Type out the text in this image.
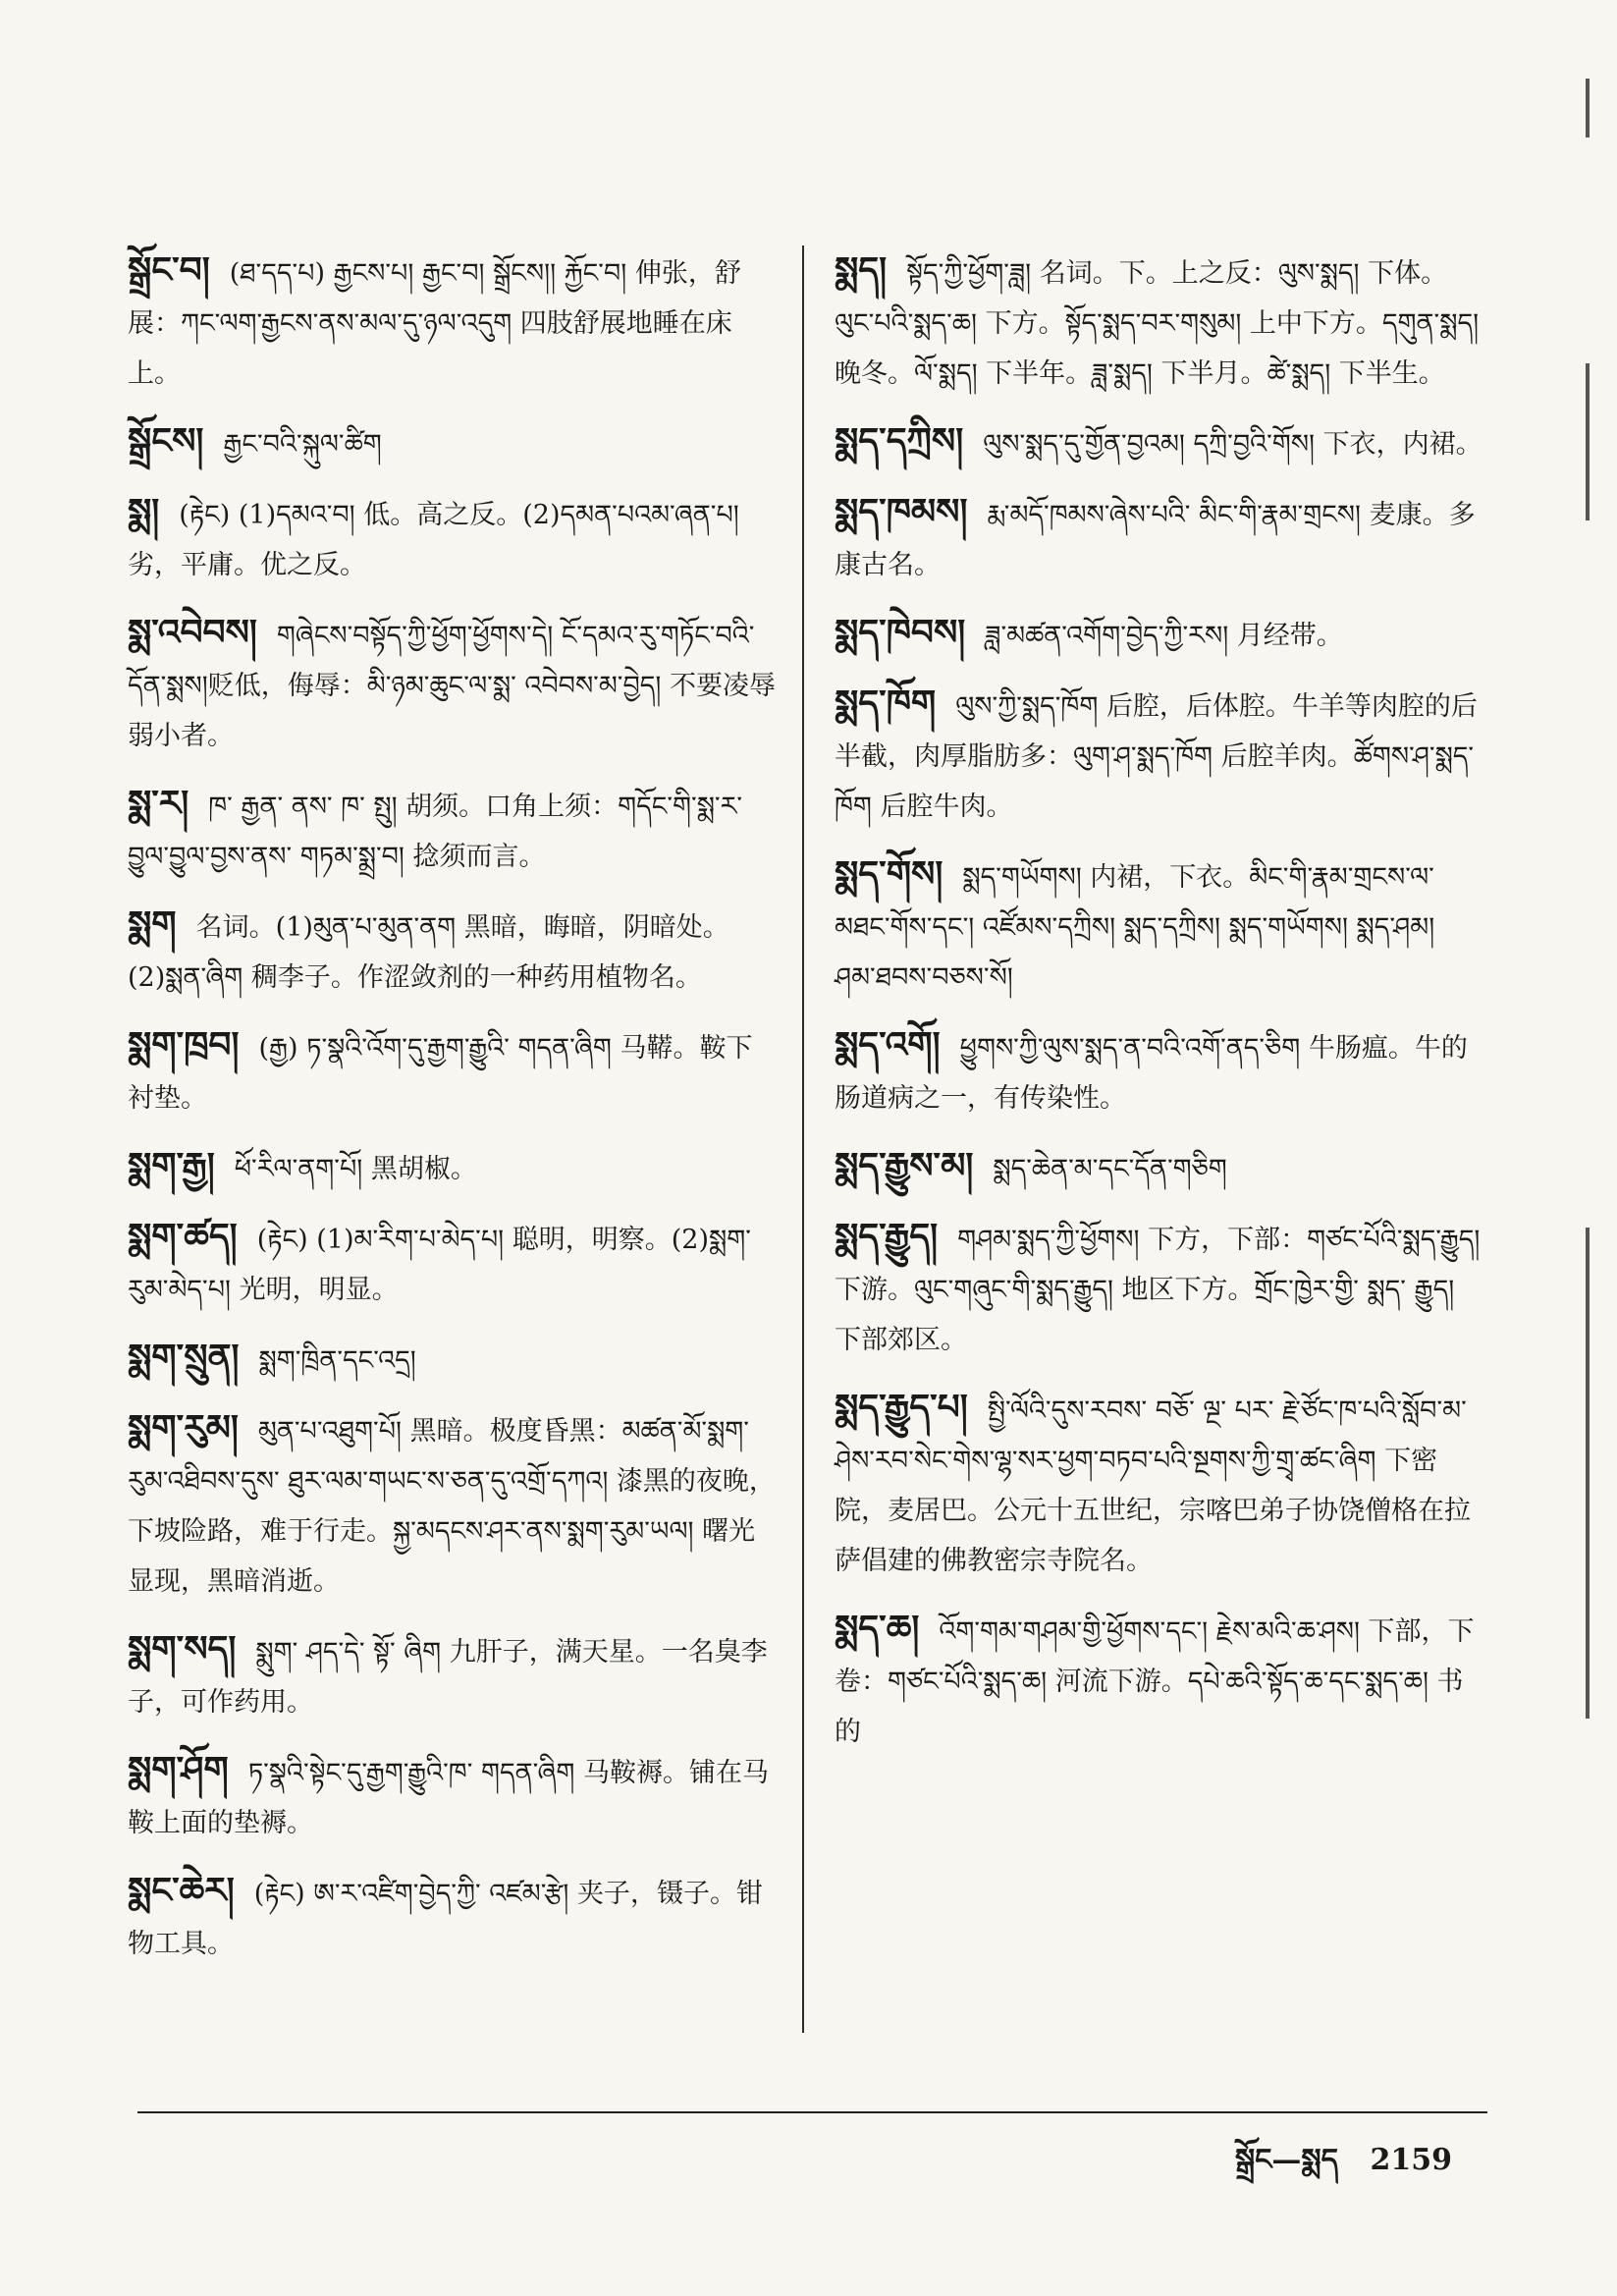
སྒྲོང་བ། (ཐ་དད་པ) རྒྱངས་པ། རྒྱང་བ། སྒྲོངས།། རྐྱོང་བ། 伸张，舒展：ཀང་ལག་རྒྱངས་ནས་མལ་དུ་ཉལ་འདུག 四肢舒展地睡在床上。
སྒྲོངས། རྒྱང་བའི་སྐུལ་ཚིག
སྨ། (རྟེང) (1)དམའ་བ། 低。高之反。(2)དམན་པའམ་ཞན་པ། 劣，平庸。优之反。
སྨ་འབེབས། གཞེངས་བསྟོད་ཀྱི་ཕྱོག་ཕྱོགས་དེ། ངོ་དམའ་རུ་གཏོང་བའི་དོན་སྨས།贬低，侮辱：མི་ཉམ་ཆུང་ལ་སྨ་ འབེབས་མ་བྱེད། 不要凌辱弱小者。
སྨ་ར། ཁ་ རྒྱན་ ནས་ ཁ་ སྤུ། 胡须。口角上须：གདོང་གི་སྨ་ར་བྱུལ་བྱུལ་བྱས་ནས་ གཏམ་སྨྲ་བ། 捻须而言。
སྨག 名词。(1)མུན་པ་མུན་ནག 黑暗，晦暗，阴暗处。(2)སྨན་ཞིག 稠李子。作涩敛剂的一种药用植物名。
སྨག་ཁྲབ། (རྒྱ) ཏ་སྣའི་འོག་དུ་རྒྱག་རྒྱུའི་ གདན་ཞིག 马鞯。鞍下衬垫。
སྨག་རྒྱ། ཕོ་རིལ་ནག་པོ། 黑胡椒。
སྨག་ཚད། (རྟེང) (1)མ་རིག་པ་མེད་པ། 聪明，明察。(2)སྨག་རུམ་མེད་པ། 光明，明显。
སྨག་སྲུན། སྨག་ཁྲིན་དང་འདྲ།
སྨག་རུམ། མུན་པ་འཐུག་པོ། 黑暗。极度昏黑：མཚན་མོ་སྨག་རུམ་འཐིབས་དུས་ ཐུར་ལམ་གཡང་ས་ཅན་དུ་འགྲོ་དཀའ། 漆黑的夜晚，下坡险路，难于行走。སྐྱ་མདངས་ཤར་ནས་སྨག་རུམ་ཡལ། 曙光显现，黑暗消逝。
སྨག་སད། སྨུག་ ཤད་དེ་ སྟོ་ ཞིག 九肝子，满天星。一名臭李子，可作药用。
སྨག་ཤོག ཏ་སྣའི་སྟེང་དུ་རྒྱག་རྒྱུའི་ཁ་ གདན་ཞིག 马鞍褥。铺在马鞍上面的垫褥。
སྨང་ཆེར། (རྟེང) ཨ་ར་འཛིག་བྱེད་ཀྱི་ འཛམ་རྩེ། 夹子，镊子。钳物工具。
སྨད། སྟོད་ཀྱི་ཕྱོག་ཟླ། 名词。下。上之反：ལུས་སྨད། 下体。ལུང་པའི་སྨད་ཆ། 下方。སྟོད་སྨད་བར་གསུམ། 上中下方。དགུན་སྨད། 晚冬。ལོ་སྨད། 下半年。ཟླ་སྨད། 下半月。ཚེ་སྨད། 下半生。
སྨད་དཀྲིས། ལུས་སྨད་དུ་གྱོན་བྱའམ། དཀྲི་བྱའི་གོས། 下衣，内裙。
སྨད་ཁམས། རྨ་མདོ་ཁམས་ཞེས་པའི་ མིང་གི་རྣམ་གྲངས། 麦康。多康古名。
སྨད་ཁེབས། ཟླ་མཚན་འགོག་བྱེད་ཀྱི་རས། 月经带。
སྨད་ཁོག ལུས་ཀྱི་སྨད་ཁོག 后腔，后体腔。牛羊等肉腔的后半截，肉厚脂肪多：ལུག་ཤ་སྨད་ཁོག 后腔羊肉。ཚོགས་ཤ་སྨད་ཁོག 后腔牛肉。
སྨད་གོས། སྨད་གཡོགས། 内裙，下衣。མིང་གི་རྣམ་གྲངས་ལ་མཐང་གོས་དང་། འཛོམས་དཀྲིས། སྨད་དཀྲིས། སྨད་གཡོགས། སྨད་ཤམ། ཤམ་ཐབས་བཅས་སོ།
སྨད་འགོ། ཕྱུགས་ཀྱི་ལུས་སྨད་ན་བའི་འགོ་ནད་ཅིག 牛肠瘟。牛的肠道病之一，有传染性。
སྨད་རྒྱུས་མ། སྨད་ཆེན་མ་དང་དོན་གཅིག
སྨད་རྒྱུད། གཤམ་སྨད་ཀྱི་ཕྱོགས། 下方，下部：གཙང་པོའི་སྨད་རྒྱུད། 下游。ལུང་གཞུང་གི་སྨད་རྒྱུད། 地区下方。གྲོང་ཁྱེར་གྱི་ སྨད་ རྒྱུད། 下部郊区。
སྨད་རྒྱུད་པ། སྤྱི་ལོའི་དུས་རབས་ བཅོ་ ལྔ་ པར་ རྗེ་ཙོང་ཁ་པའི་སློབ་མ་ཤེས་རབ་སེང་གེས་ལྷ་སར་ཕྱག་བཏབ་པའི་སྔགས་ཀྱི་གྲྭ་ཚང་ཞིག 下密院，麦居巴。公元十五世纪，宗喀巴弟子协饶僧格在拉萨倡建的佛教密宗寺院名。
སྨད་ཆ། འོག་གམ་གཤམ་གྱི་ཕྱོགས་དང་། རྗེས་མའི་ཆ་ཤས། 下部，下卷：གཙང་པོའི་སྨད་ཆ། 河流下游。དཔེ་ཆའི་སྟོད་ཆ་དང་སྨད་ཆ། 书的
སྒྲོང—སྨད 2159
